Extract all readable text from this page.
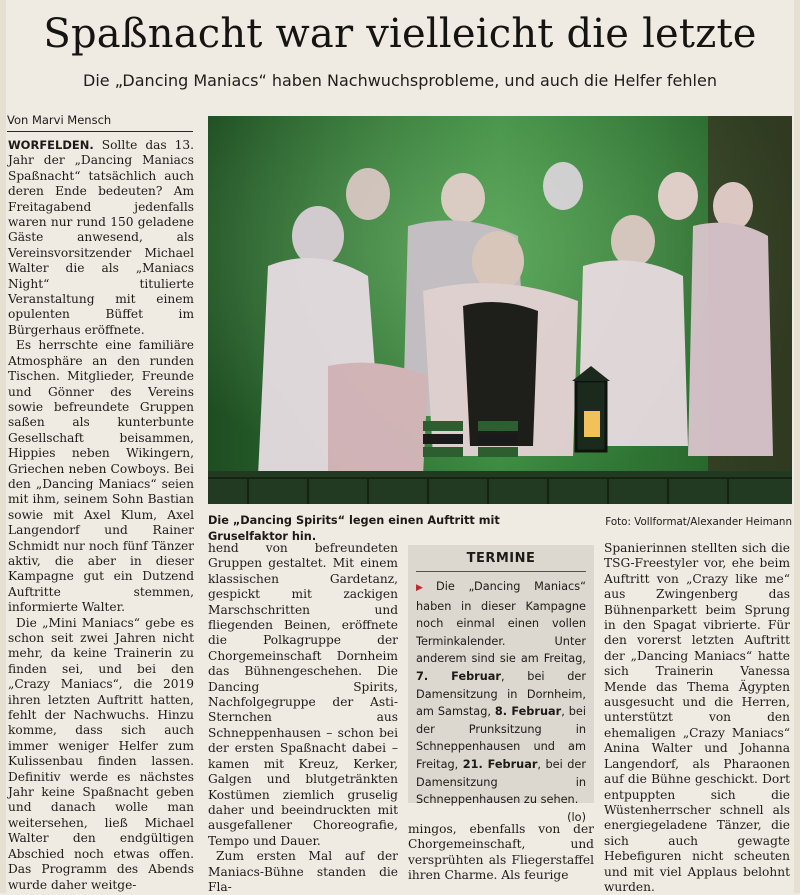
Spaßnacht war vielleicht die letzte
Die „Dancing Maniacs“ haben Nachwuchsprobleme, und auch die Helfer fehlen
Von Marvi Mensch

WORFELDEN. Sollte das 13. Jahr der „Dancing Maniacs Spaßnacht“ tatsächlich auch deren Ende bedeuten? Am Freitagabend jedenfalls waren nur rund 150 geladene Gäste anwesend, als Vereinsvorsitzender Michael Walter die als „Maniacs Night“ titulierte Veranstaltung mit einem opulenten Büffet im Bürgerhaus eröffnete.

Es herrschte eine familiäre Atmosphäre an den runden Tischen. Mitglieder, Freunde und Gönner des Vereins sowie befreundete Gruppen saßen als kunterbunte Gesellschaft beisammen, Hippies neben Wikingern, Griechen neben Cowboys. Bei den „Dancing Maniacs“ seien mit ihm, seinem Sohn Bastian sowie mit Axel Klum, Axel Langendorf und Rainer Schmidt nur noch fünf Tänzer aktiv, die aber in dieser Kampagne gut ein Dutzend Auftritte stemmen, informierte Walter.

Die „Mini Maniacs“ gebe es schon seit zwei Jahren nicht mehr, da keine Trainerin zu finden sei, und bei den „Crazy Maniacs“, die 2019 ihren letzten Auftritt hatten, fehlt der Nachwuchs. Hinzu komme, dass sich auch immer weniger Helfer zum Kulissenbau finden lassen. Definitiv werde es nächstes Jahr keine Spaßnacht geben und danach wolle man weitersehen, ließ Michael Walter den endgültigen Abschied noch etwas offen. Das Programm des Abends wurde daher weitge-

Die „Dancing Spirits“ legen einen Auftritt mit Gruselfaktor hin.
Foto: Vollformat/Alexander Heimann

hend von befreundeten Gruppen gestaltet. Mit einem klassischen Gardetanz, gespickt mit zackigen Marschschritten und fliegenden Beinen, eröffnete die Polkagruppe der Chorgemeinschaft Dornheim das Bühnengeschehen. Die Dancing Spirits, Nachfolgegruppe der Asti-Sternchen aus Schneppenhausen – schon bei der ersten Spaßnacht dabei – kamen mit Kreuz, Kerker, Galgen und blutgetränkten Kostümen ziemlich gruselig daher und beeindruckten mit ausgefallener Choreografie, Tempo und Dauer.

Zum ersten Mal auf der Maniacs-Bühne standen die Fla-

TERMINE
▶ Die „Dancing Maniacs“ haben in dieser Kampagne noch einmal einen vollen Terminkalender. Unter anderem sind sie am Freitag, 7. Februar, bei der Damensitzung in Dornheim, am Samstag, 8. Februar, bei der Prunksitzung in Schneppenhausen und am Freitag, 21. Februar, bei der Damensitzung in Schneppenhausen zu sehen.
(lo)

mingos, ebenfalls von der Chorgemeinschaft, und versprühten als Fliegerstaffel ihren Charme. Als feurige

Spanierinnen stellten sich die TSG-Freestyler vor, ehe beim Auftritt von „Crazy like me“ aus Zwingenberg das Bühnenparkett beim Sprung in den Spagat vibrierte. Für den vorerst letzten Auftritt der „Dancing Maniacs“ hatte sich Trainerin Vanessa Mende das Thema Ägypten ausgesucht und die Herren, unterstützt von den ehemaligen „Crazy Maniacs“ Anina Walter und Johanna Langendorf, als Pharaonen auf die Bühne geschickt. Dort entpuppten sich die Wüstenherrscher schnell als energiegeladene Tänzer, die sich auch gewagte Hebefiguren nicht scheuten und mit viel Applaus belohnt wurden.
